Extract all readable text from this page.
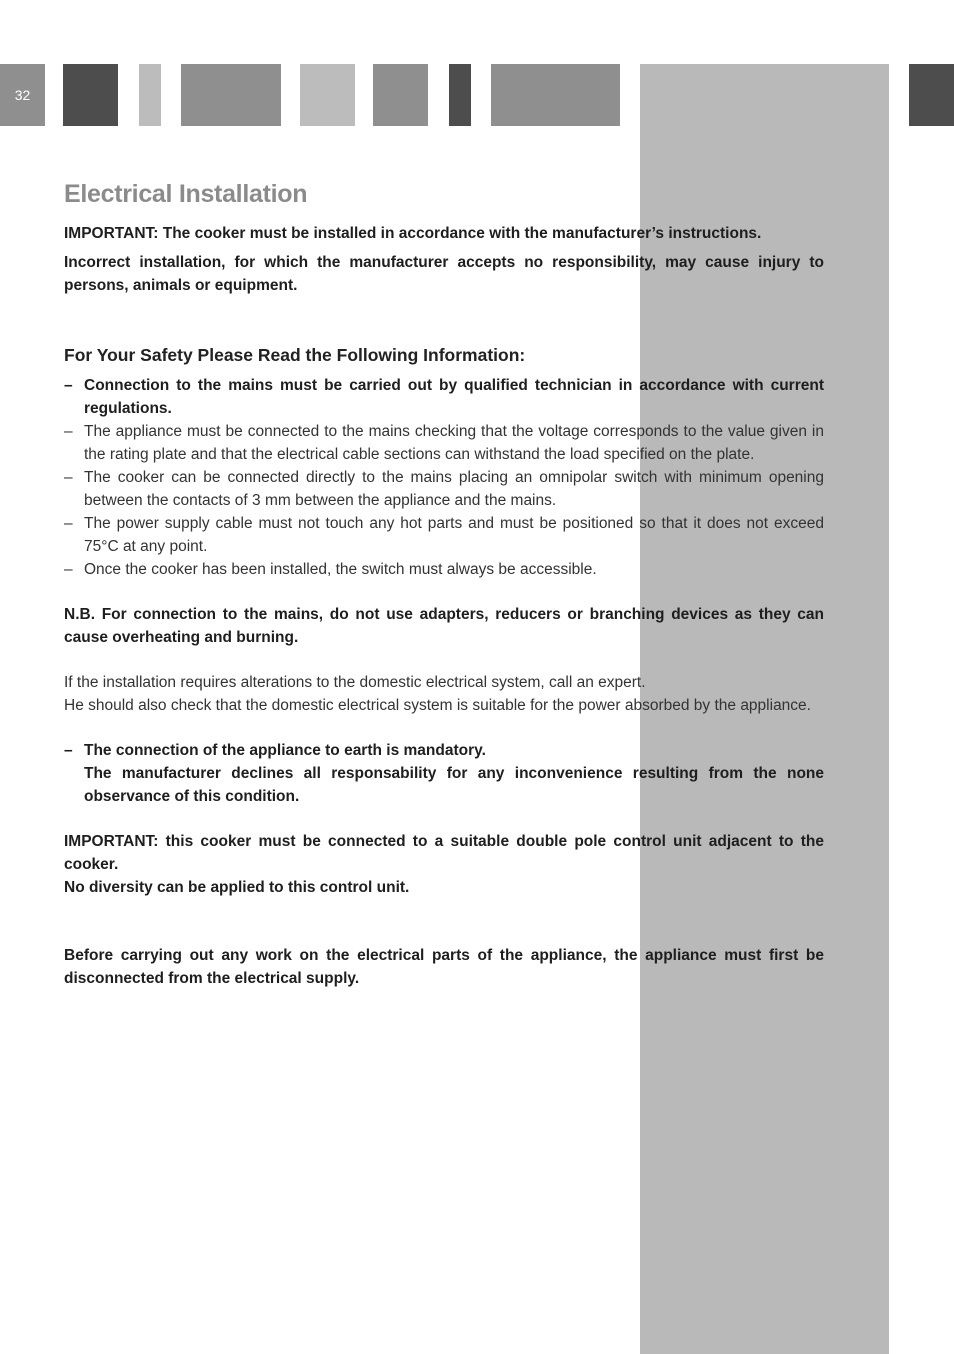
32
Electrical Installation

IMPORTANT: The cooker must be installed in accordance with the manufacturer’s instructions.

Incorrect installation, for which the manufacturer accepts no responsibility, may cause injury to persons, animals or equipment.

For Your Safety Please Read the Following Information:
– Connection to the mains must be carried out by qualified technician in accordance with current regulations.
– The appliance must be connected to the mains checking that the voltage corresponds to the value given in the rating plate and that the electrical cable sections can withstand the load specified on the plate.
– The cooker can be connected directly to the mains placing an omnipolar switch with minimum opening between the contacts of 3 mm between the appliance and the mains.
– The power supply cable must not touch any hot parts and must be positioned so that it does not exceed 75°C at any point.
– Once the cooker has been installed, the switch must always be accessible.

N.B. For connection to the mains, do not use adapters, reducers or branching devices as they can cause overheating and burning.

If the installation requires alterations to the domestic electrical system, call an expert.

He should also check that the domestic electrical system is suitable for the power absorbed by the appliance.

– The connection of the appliance to earth is mandatory.
The manufacturer declines all responsability for any inconvenience resulting from the none observance of this condition.

IMPORTANT: this cooker must be connected to a suitable double pole control unit adjacent to the cooker.

No diversity can be applied to this control unit.

Before carrying out any work on the electrical parts of the appliance, the appliance must first be disconnected from the electrical supply.
